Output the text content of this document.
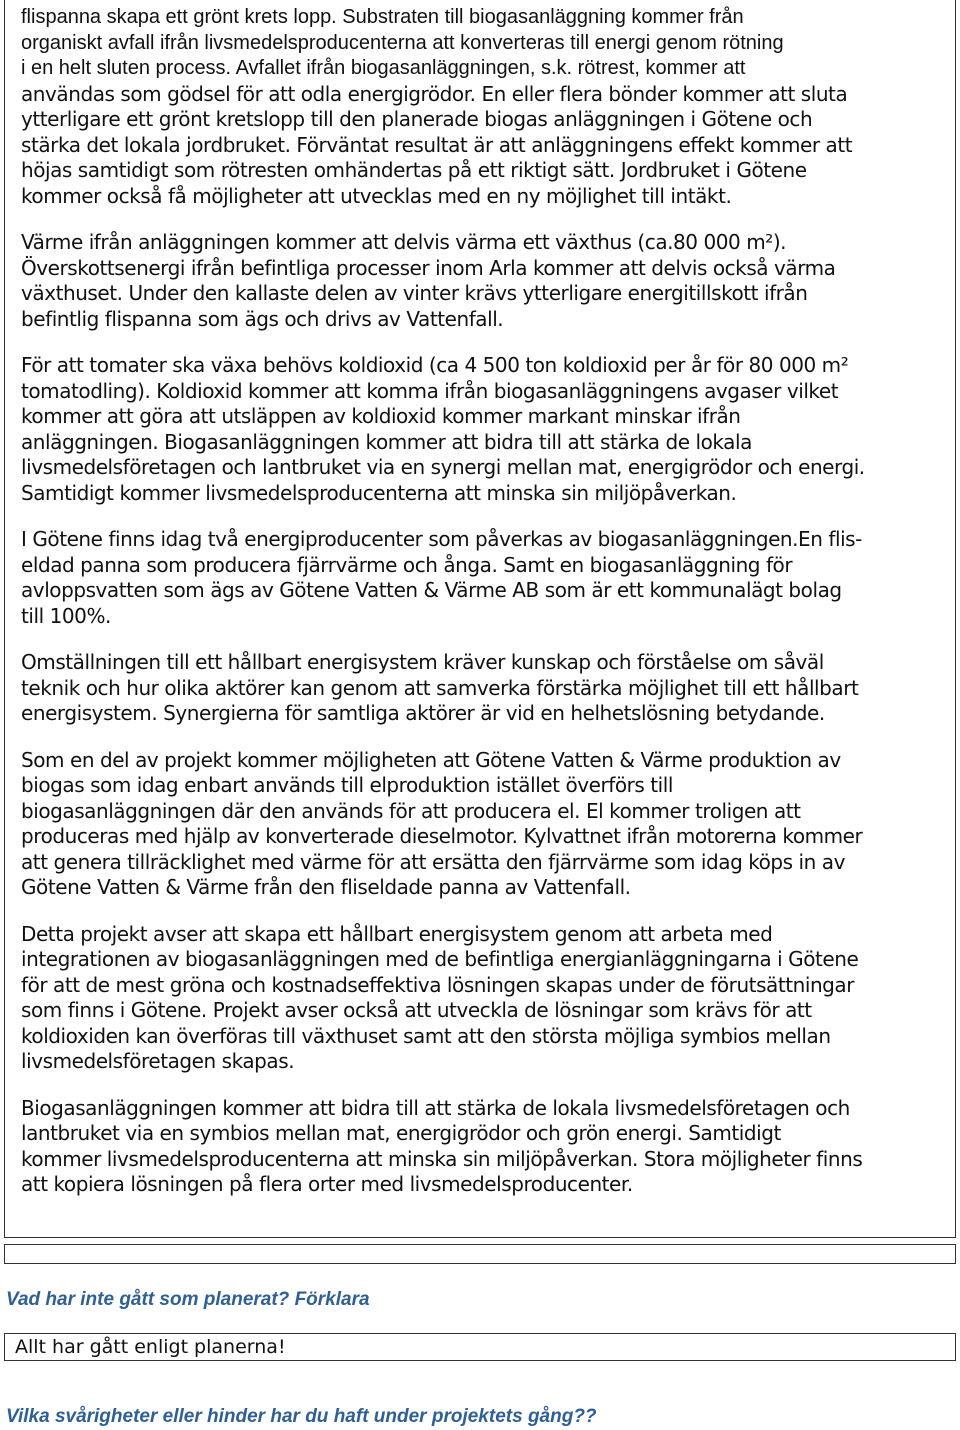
flispanna skapa ett grönt krets lopp. Substraten till biogasanläggning kommer från
organiskt avfall ifrån livsmedelsproducenterna att konverteras till energi genom rötning
i en helt sluten process. Avfallet ifrån biogasanläggningen, s.k. rötrest, kommer att
användas som gödsel för att odla energigrödor. En eller flera bönder kommer att sluta
ytterligare ett grönt kretslopp till den planerade biogas anläggningen i Götene och
stärka det lokala jordbruket. Förväntat resultat är att anläggningens effekt kommer att
höjas samtidigt som rötresten omhändertas på ett riktigt sätt. Jordbruket i Götene
kommer också få möjligheter att utvecklas med en ny möjlighet till intäkt.
Värme ifrån anläggningen kommer att delvis värma ett växthus (ca.80 000 m²).
Överskottsenergi ifrån befintliga processer inom Arla kommer att delvis också värma
växthuset. Under den kallaste delen av vinter krävs ytterligare energitillskott ifrån
befintlig flispanna som ägs och drivs av Vattenfall.
För att tomater ska växa behövs koldioxid (ca 4 500 ton koldioxid per år för 80 000 m²
tomatodling). Koldioxid kommer att komma ifrån biogasanläggningens avgaser vilket
kommer att göra att utsläppen av koldioxid kommer markant minskar ifrån
anläggningen. Biogasanläggningen kommer att bidra till att stärka de lokala
livsmedelsföretagen och lantbruket via en synergi mellan mat, energigrödor och energi.
Samtidigt kommer livsmedelsproducenterna att minska sin miljöpåverkan.
I Götene finns idag två energiproducenter som påverkas av biogasanläggningen.En flis-
eldad panna som producera fjärrvärme och ånga. Samt en biogasanläggning för
avloppsvatten som ägs av Götene Vatten & Värme AB som är ett kommunalägt bolag
till 100%.
Omställningen till ett hållbart energisystem kräver kunskap och förståelse om såväl
teknik och hur olika aktörer kan genom att samverka förstärka möjlighet till ett hållbart
energisystem. Synergierna för samtliga aktörer är vid en helhetslösning betydande.
Som en del av projekt kommer möjligheten att Götene Vatten & Värme produktion av
biogas som idag enbart används till elproduktion istället överförs till
biogasanläggningen där den används för att producera el. El kommer troligen att
produceras med hjälp av konverterade dieselmotor. Kylvattnet ifrån motorerna kommer
att genera tillräcklighet med värme för att ersätta den fjärrvärme som idag köps in av
Götene Vatten & Värme från den fliseldade panna av Vattenfall.
Detta projekt avser att skapa ett hållbart energisystem genom att arbeta med
integrationen av biogasanläggningen med de befintliga energianläggningarna i Götene
för att de mest gröna och kostnadseffektiva lösningen skapas under de förutsättningar
som finns i Götene. Projekt avser också att utveckla de lösningar som krävs för att
koldioxiden kan överföras till växthuset samt att den största möjliga symbios mellan
livsmedelsföretagen skapas.
Biogasanläggningen kommer att bidra till att stärka de lokala livsmedelsföretagen och
lantbruket via en symbios mellan mat, energigrödor och grön energi. Samtidigt
kommer livsmedelsproducenterna att minska sin miljöpåverkan. Stora möjligheter finns
att kopiera lösningen på flera orter med livsmedelsproducenter.
Vad har inte gått som planerat? Förklara
Allt har gått enligt planerna!
Vilka svårigheter eller hinder har du haft under projektets gång??
